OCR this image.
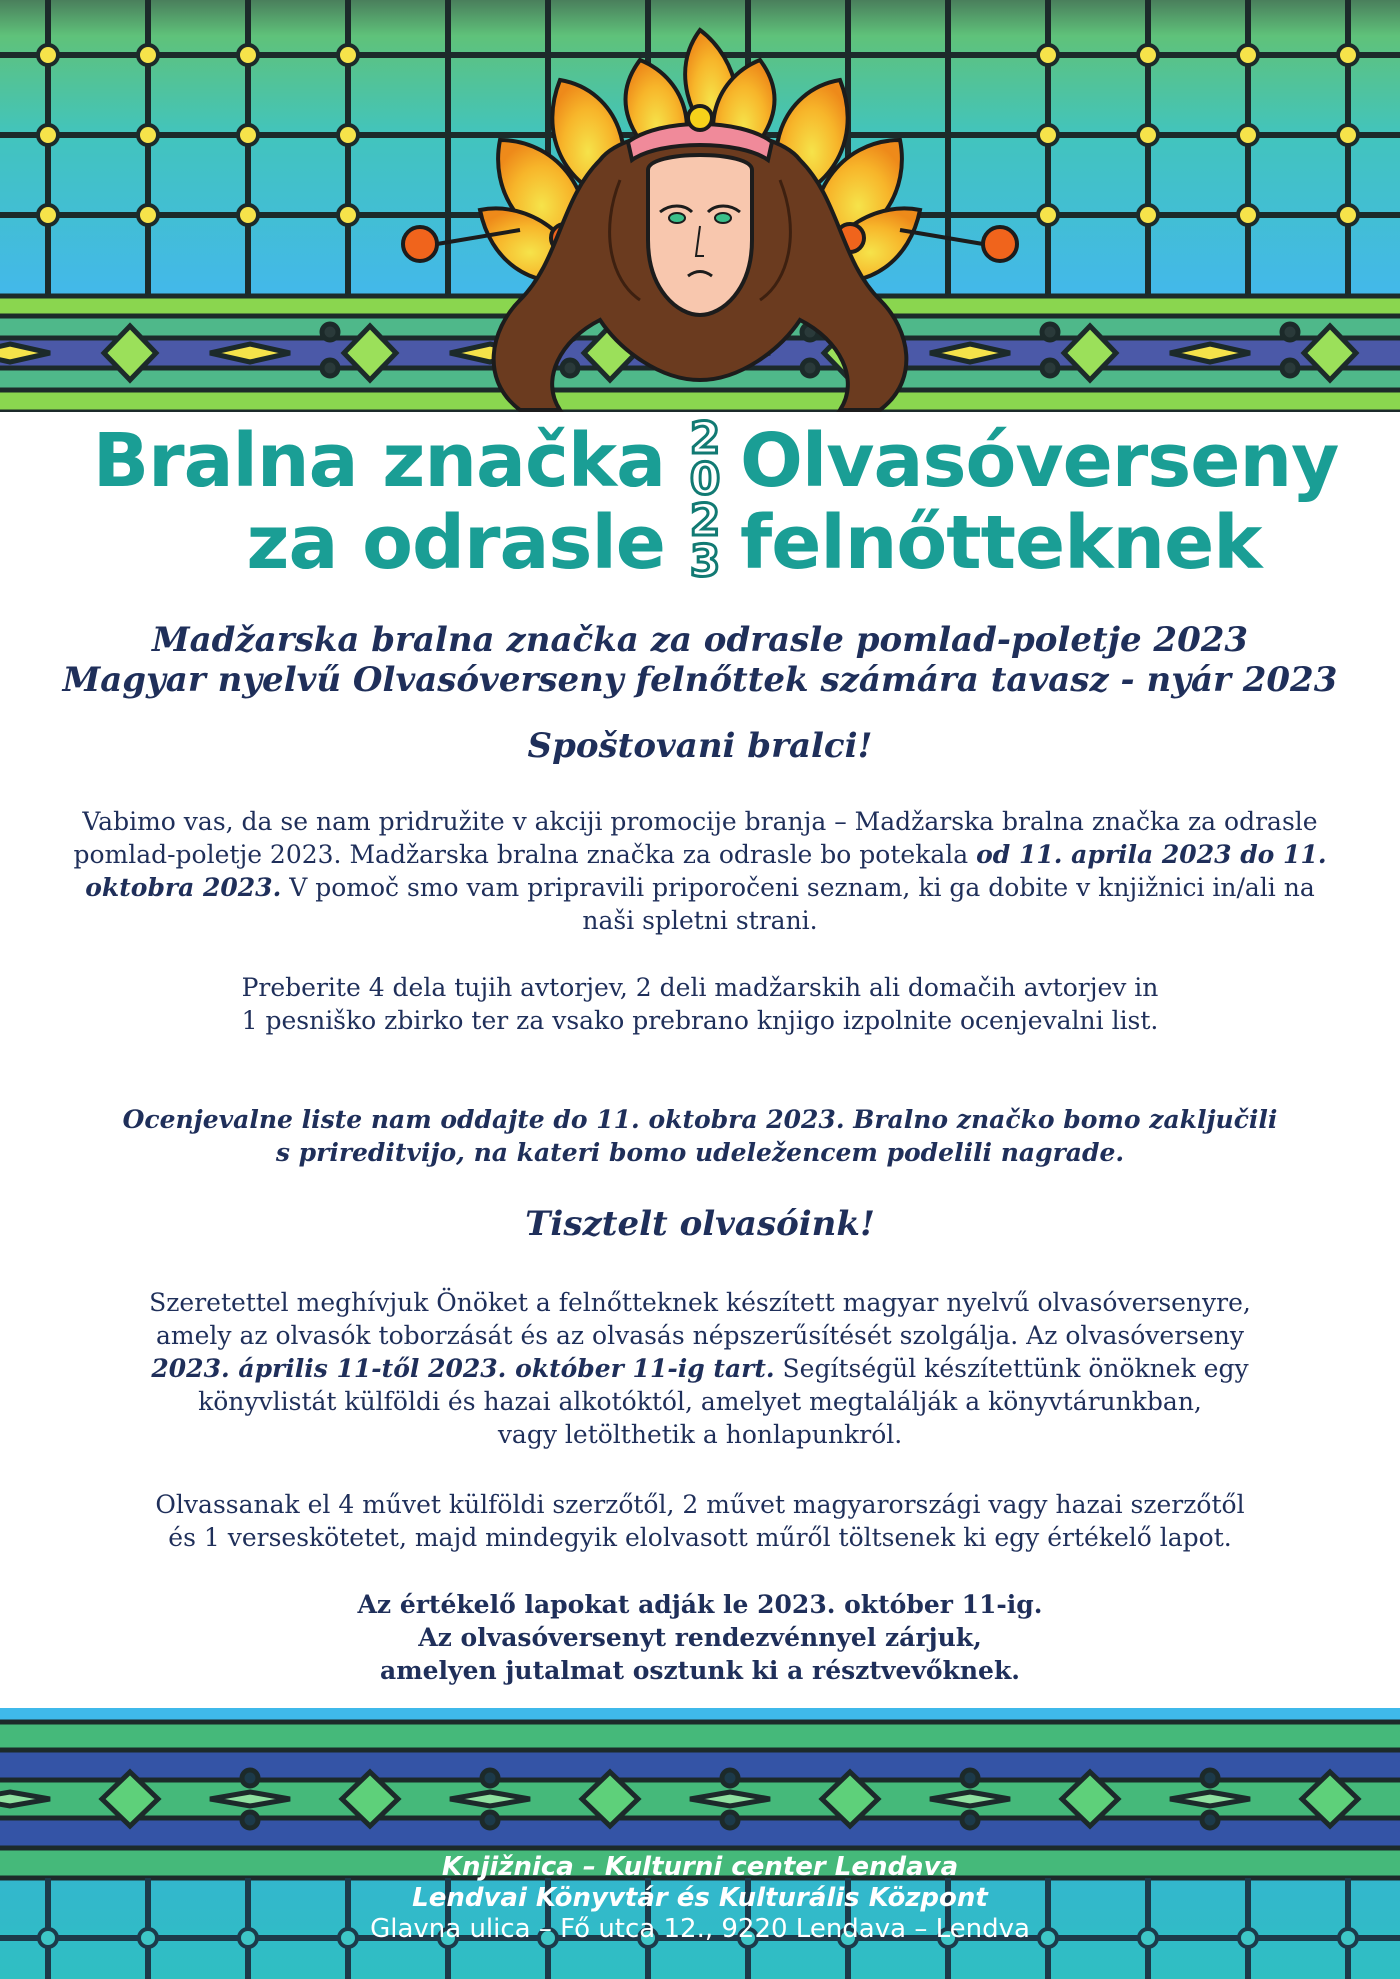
Bralna značka
za odrasle
2
0
2
3
Olvasóverseny
felnőtteknek
Madžarska bralna značka za odrasle pomlad-poletje 2023
Magyar nyelvű Olvasóverseny felnőttek számára tavasz - nyár 2023
Spoštovani bralci!
Vabimo vas, da se nam pridružite v akciji promocije branja – Madžarska bralna značka za odrasle pomlad-poletje 2023. Madžarska bralna značka za odrasle bo potekala od 11. aprila 2023 do 11. oktobra 2023. V pomoč smo vam pripravili priporočeni seznam, ki ga dobite v knjižnici in/ali na naši spletni strani.
Preberite 4 dela tujih avtorjev, 2 deli madžarskih ali domačih avtorjev in
1 pesniško zbirko ter za vsako prebrano knjigo izpolnite ocenjevalni list.
Ocenjevalne liste nam oddajte do 11. oktobra 2023. Bralno značko bomo zaključili
s prireditvijo, na kateri bomo udeležencem podelili nagrade.
Tisztelt olvasóink!
Szeretettel meghívjuk Önöket a felnőtteknek készített magyar nyelvű olvasóversenyre,
amely az olvasók toborzását és az olvasás népszerűsítését szolgálja. Az olvasóverseny
2023. április 11-től 2023. október 11-ig tart. Segítségül készítettünk önöknek egy
könyvlistát külföldi és hazai alkotóktól, amelyet megtalálják a könyvtárunkban,
vagy letölthetik a honlapunkról.
Olvassanak el 4 művet külföldi szerzőtől, 2 művet magyarországi vagy hazai szerzőtől
és 1 verseskötetet, majd mindegyik elolvasott műről töltsenek ki egy értékelő lapot.
Az értékelő lapokat adják le 2023. október 11-ig.
Az olvasóversenyt rendezvénnyel zárjuk,
amelyen jutalmat osztunk ki a résztvevőknek.
Knjižnica – Kulturni center Lendava
Lendvai Könyvtár és Kulturális Központ
Glavna ulica – Fő utca 12., 9220 Lendava – Lendva
